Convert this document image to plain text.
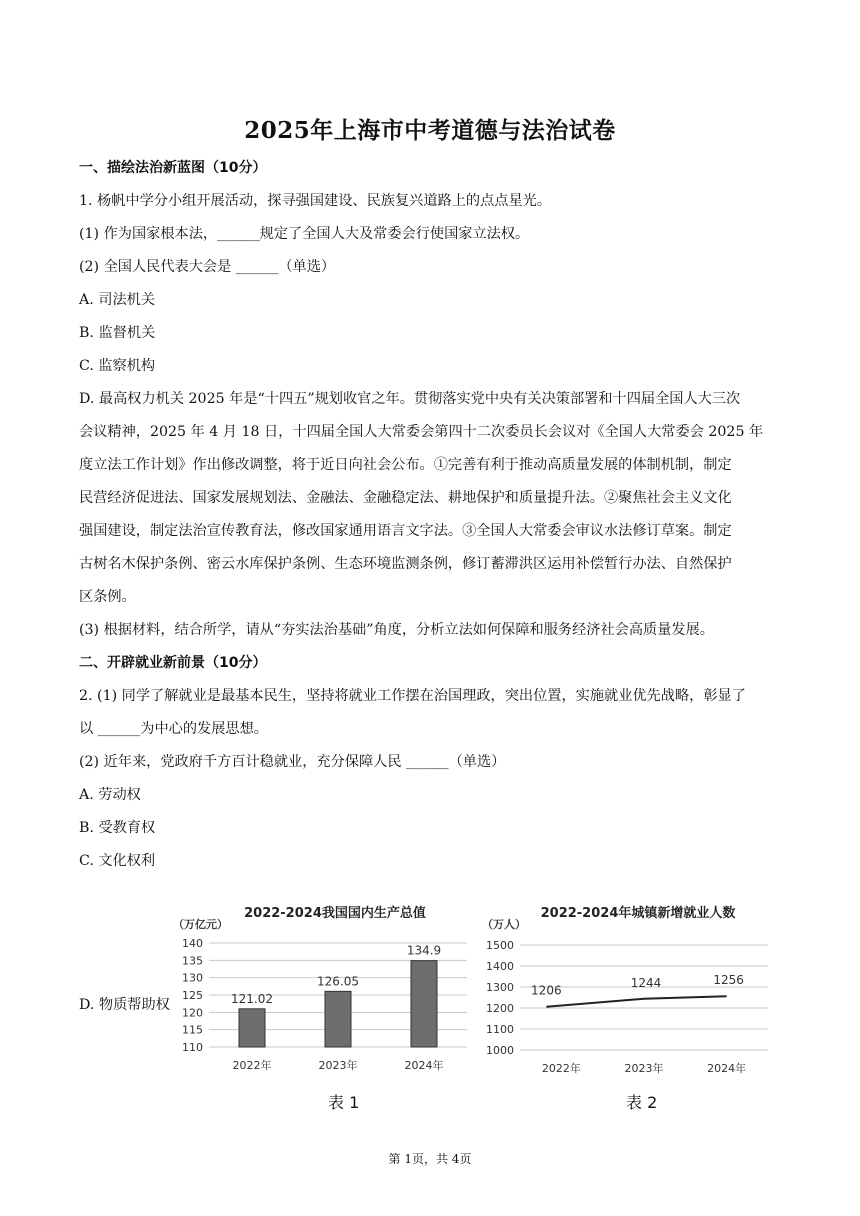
2025年上海市中考道德与法治试卷
一、描绘法治新蓝图（10分）
1. 杨帆中学分小组开展活动，探寻强国建设、民族复兴道路上的点点星光。
(1) 作为国家根本法，______规定了全国人大及常委会行使国家立法权。
(2) 全国人民代表大会是 ______（单选）
A. 司法机关
B. 监督机关
C. 监察机构
D. 最高权力机关 2025 年是“十四五”规划收官之年。贯彻落实党中央有关决策部署和十四届全国人大三次
会议精神，2025 年 4 月 18 日，十四届全国人大常委会第四十二次委员长会议对《全国人大常委会 2025 年
度立法工作计划》作出修改调整，将于近日向社会公布。①完善有利于推动高质量发展的体制机制，制定
民营经济促进法、国家发展规划法、金融法、金融稳定法、耕地保护和质量提升法。②聚焦社会主义文化
强国建设，制定法治宣传教育法，修改国家通用语言文字法。③全国人大常委会审议水法修订草案。制定
古树名木保护条例、密云水库保护条例、生态环境监测条例，修订蓄滞洪区运用补偿暂行办法、自然保护
区条例。
(3) 根据材料，结合所学，请从“夯实法治基础”角度，分析立法如何保障和服务经济社会高质量发展。
二、开辟就业新前景（10分）
2. (1) 同学了解就业是最基本民生，坚持将就业工作摆在治国理政，突出位置，实施就业优先战略，彰显了
以 ______为中心的发展思想。
(2) 近年来，党政府千方百计稳就业，充分保障人民 ______（单选）
A. 劳动权
B. 受教育权
C. 文化权利
D. 物质帮助权
2022-2024我国国内生产总值
（万亿元）
110
115
120
125
130
135
140
2022年	2023年	2024年
121.02
126.05
134.9
2022-2024年城镇新增就业人数
（万人）
1000
1100
1200
1300
1400
1500
2022年	2023年	2024年
1206
1244	1256
表 1	表 2
第 1页，共 4页
